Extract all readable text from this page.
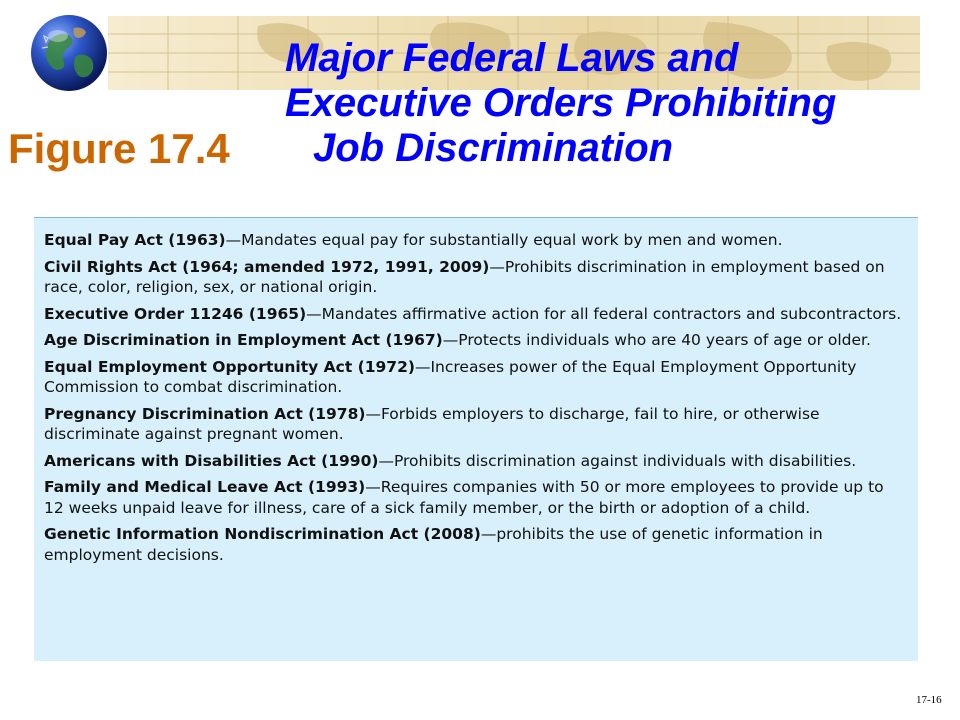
Major Federal Laws and
Executive Orders Prohibiting
Job Discrimination
Figure 17.4
Equal Pay Act (1963)—Mandates equal pay for substantially equal work by men and women.
Civil Rights Act (1964; amended 1972, 1991, 2009)—Prohibits discrimination in employment based on race, color, religion, sex, or national origin.
Executive Order 11246 (1965)—Mandates affirmative action for all federal contractors and subcontractors.
Age Discrimination in Employment Act (1967)—Protects individuals who are 40 years of age or older.
Equal Employment Opportunity Act (1972)—Increases power of the Equal Employment Opportunity Commission to combat discrimination.
Pregnancy Discrimination Act (1978)—Forbids employers to discharge, fail to hire, or otherwise discriminate against pregnant women.
Americans with Disabilities Act (1990)—Prohibits discrimination against individuals with disabilities.
Family and Medical Leave Act (1993)—Requires companies with 50 or more employees to provide up to 12 weeks unpaid leave for illness, care of a sick family member, or the birth or adoption of a child.
Genetic Information Nondiscrimination Act (2008)—prohibits the use of genetic information in employment decisions.
17-16
